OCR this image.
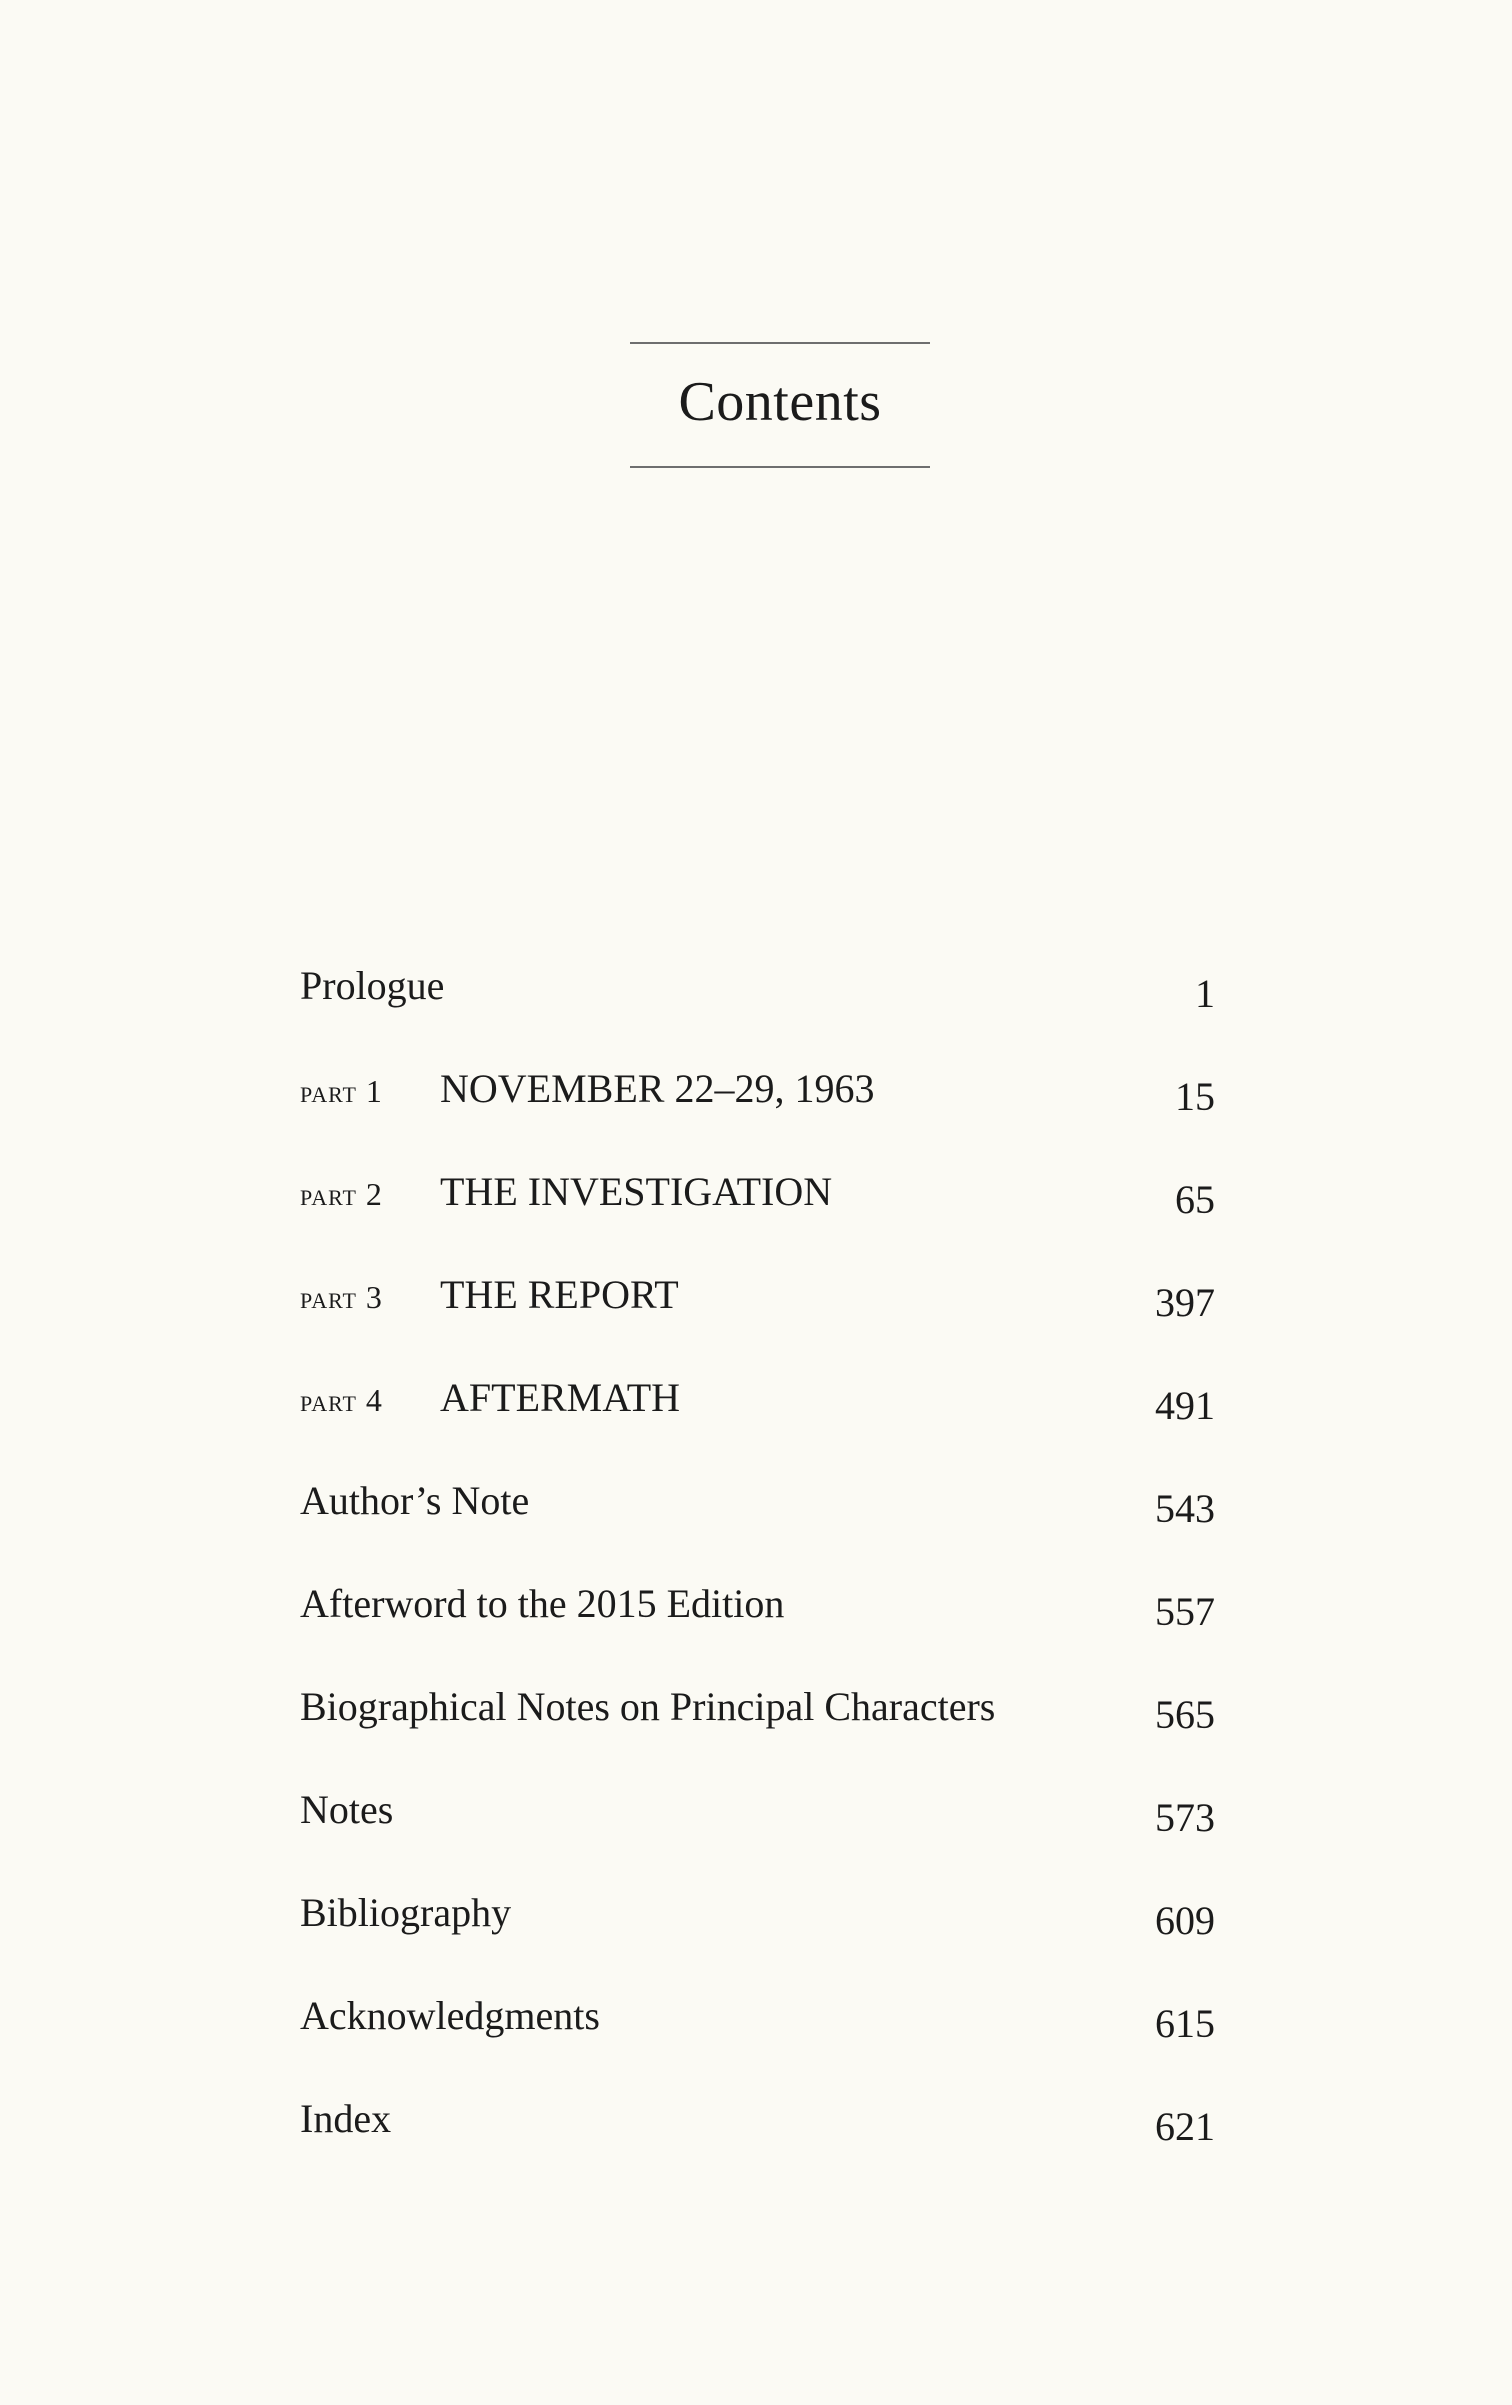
Contents
Prologue	1
part 1 NOVEMBER 22–29, 1963	15
part 2 THE INVESTIGATION	65
part 3 THE REPORT	397
part 4 AFTERMATH	491
Author’s Note	543
Afterword to the 2015 Edition	557
Biographical Notes on Principal Characters	565
Notes	573
Bibliography	609
Acknowledgments	615
Index	621
